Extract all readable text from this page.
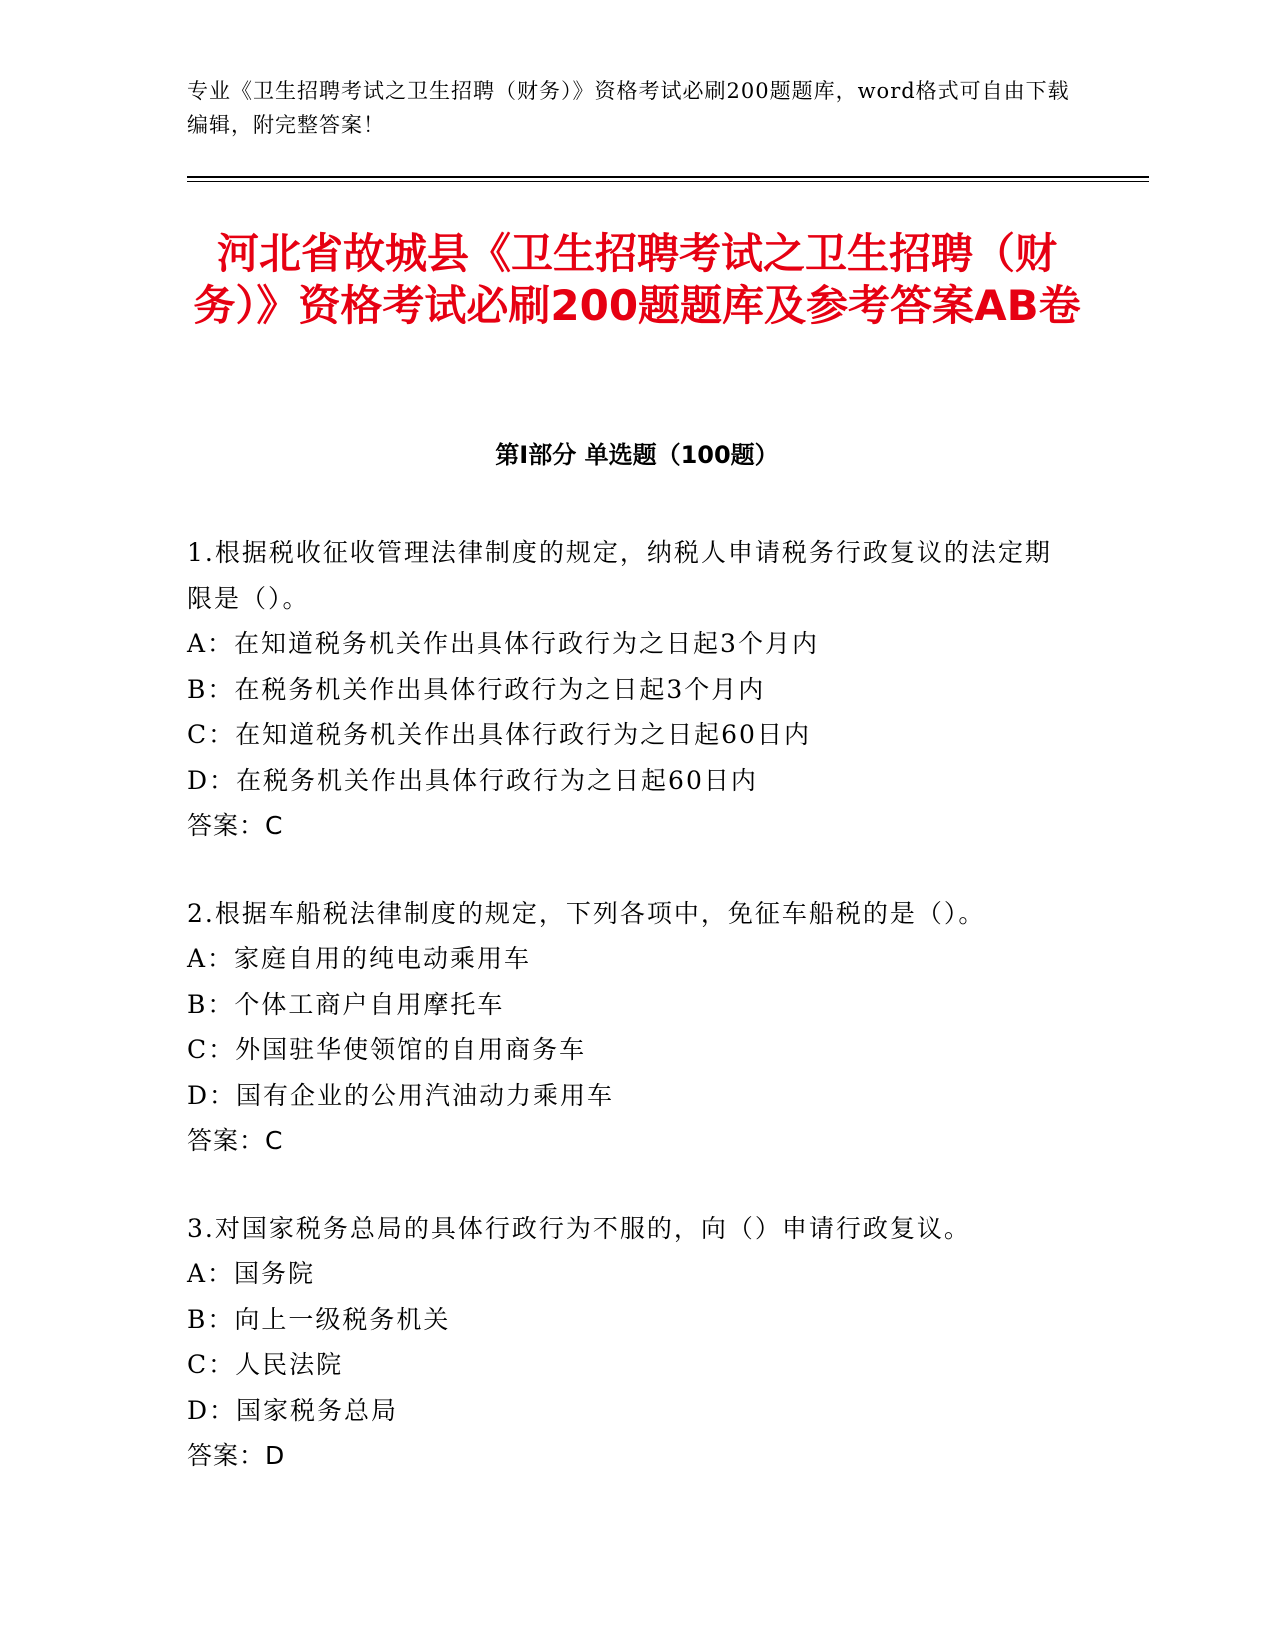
专业《卫生招聘考试之卫生招聘（财务）》资格考试必刷200题题库，word格式可自由下载编辑，附完整答案！
河北省故城县《卫生招聘考试之卫生招聘（财务）》资格考试必刷200题题库及参考答案AB卷
第I部分 单选题（100题）
1.根据税收征收管理法律制度的规定，纳税人申请税务行政复议的法定期限是（）。
A：在知道税务机关作出具体行政行为之日起3个月内
B：在税务机关作出具体行政行为之日起3个月内
C：在知道税务机关作出具体行政行为之日起60日内
D：在税务机关作出具体行政行为之日起60日内
答案：C
2.根据车船税法律制度的规定，下列各项中，免征车船税的是（）。
A：家庭自用的纯电动乘用车
B：个体工商户自用摩托车
C：外国驻华使领馆的自用商务车
D：国有企业的公用汽油动力乘用车
答案：C
3.对国家税务总局的具体行政行为不服的，向（）申请行政复议。
A：国务院
B：向上一级税务机关
C：人民法院
D：国家税务总局
答案：D
